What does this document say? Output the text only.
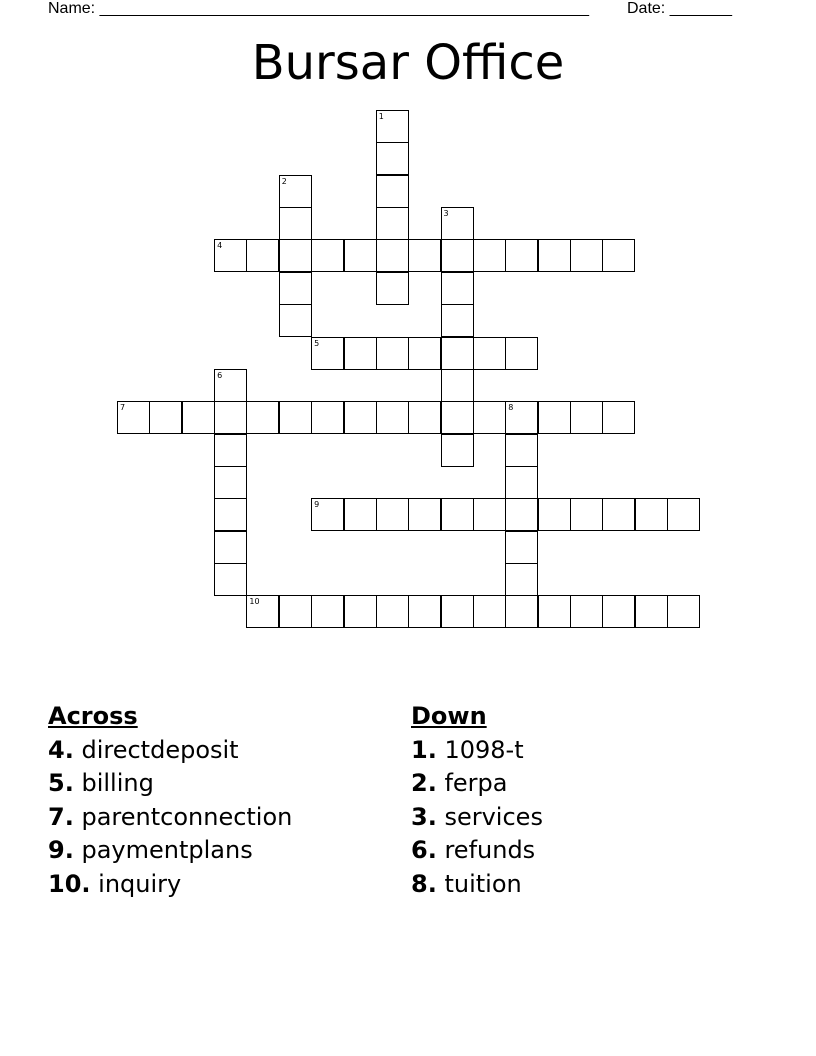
Name: _______________________________________________________ Date: _______
Bursar Office
1
2
3
4
5
6
7	8
9
10
Across
4. directdeposit
5. billing
7. parentconnection
9. paymentplans
10. inquiry
Down
1. 1098-t
2. ferpa
3. services
6. refunds
8. tuition
